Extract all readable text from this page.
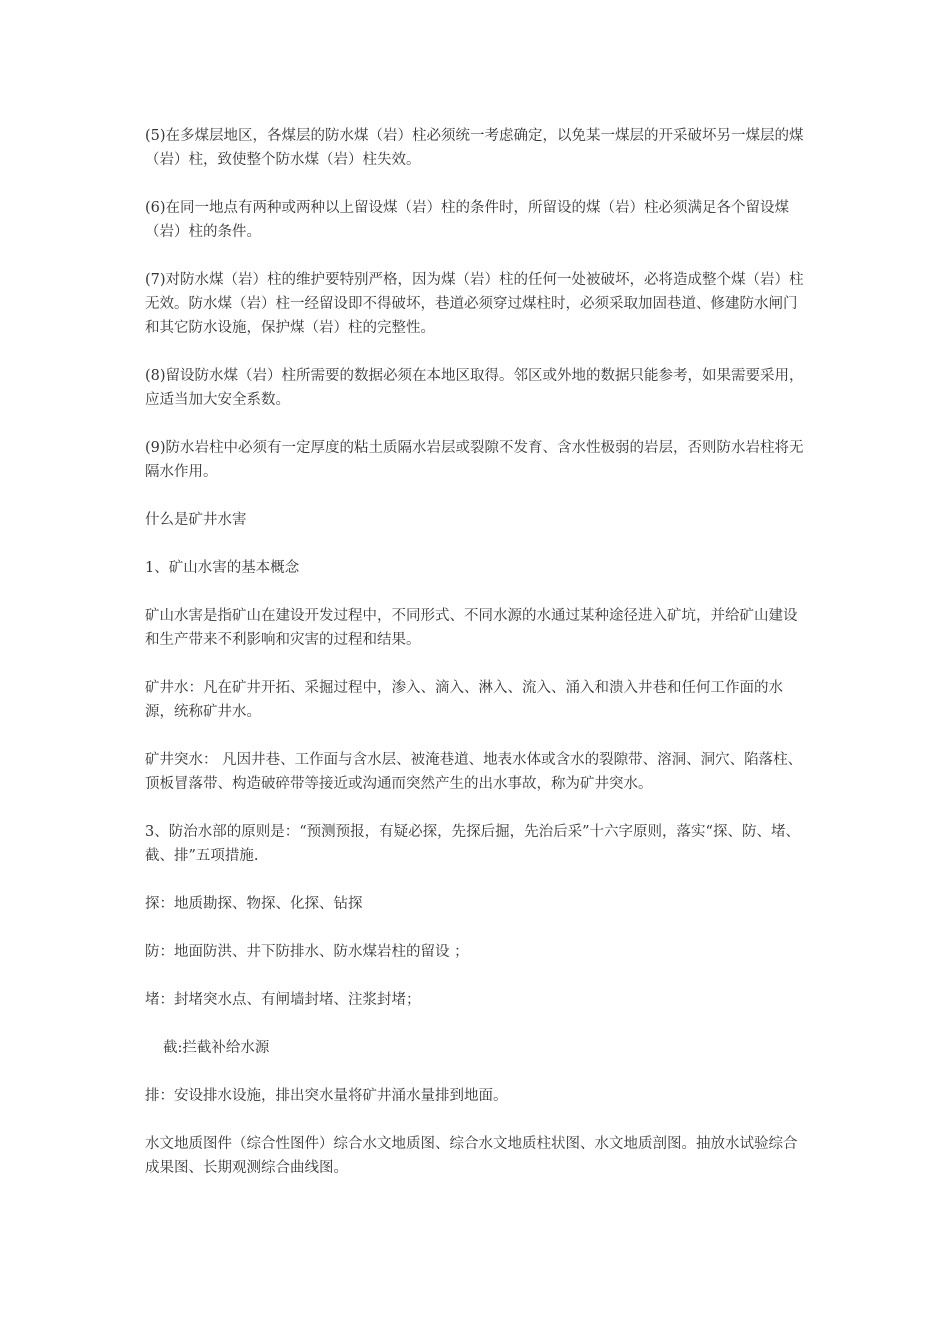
(5)在多煤层地区，各煤层的防水煤（岩）柱必须统一考虑确定，以免某一煤层的开采破坏另一煤层的煤（岩）柱，致使整个防水煤（岩）柱失效。

(6)在同一地点有两种或两种以上留设煤（岩）柱的条件时，所留设的煤（岩）柱必须满足各个留设煤（岩）柱的条件。

(7)对防水煤（岩）柱的维护要特别严格，因为煤（岩）柱的任何一处被破坏，必将造成整个煤（岩）柱无效。防水煤（岩）柱一经留设即不得破坏，巷道必须穿过煤柱时，必须采取加固巷道、修建防水闸门和其它防水设施，保护煤（岩）柱的完整性。

(8)留设防水煤（岩）柱所需要的数据必须在本地区取得。邻区或外地的数据只能参考，如果需要采用，应适当加大安全系数。

(9)防水岩柱中必须有一定厚度的粘土质隔水岩层或裂隙不发育、含水性极弱的岩层，否则防水岩柱将无隔水作用。

什么是矿井水害

1、矿山水害的基本概念

矿山水害是指矿山在建设开发过程中，不同形式、不同水源的水通过某种途径进入矿坑，并给矿山建设和生产带来不利影响和灾害的过程和结果。

矿井水：凡在矿井开拓、采掘过程中，渗入、滴入、淋入、流入、涌入和溃入井巷和任何工作面的水源，统称矿井水。

矿井突水： 凡因井巷、工作面与含水层、被淹巷道、地表水体或含水的裂隙带、溶洞、洞穴、陷落柱、顶板冒落带、构造破碎带等接近或沟通而突然产生的出水事故，称为矿井突水。

3、防治水部的原则是：“预测预报，有疑必探，先探后掘，先治后采”十六字原则，落实“探、防、堵、截、排”五项措施.

探：地质勘探、物探、化探、钻探

防：地面防洪、井下防排水、防水煤岩柱的留设 ；

堵：封堵突水点、有闸墙封堵、注浆封堵；

截:拦截补给水源

排：安设排水设施，排出突水量将矿井涌水量排到地面。

水文地质图件（综合性图件）综合水文地质图、综合水文地质柱状图、水文地质剖图。抽放水试验综合成果图、长期观测综合曲线图。
